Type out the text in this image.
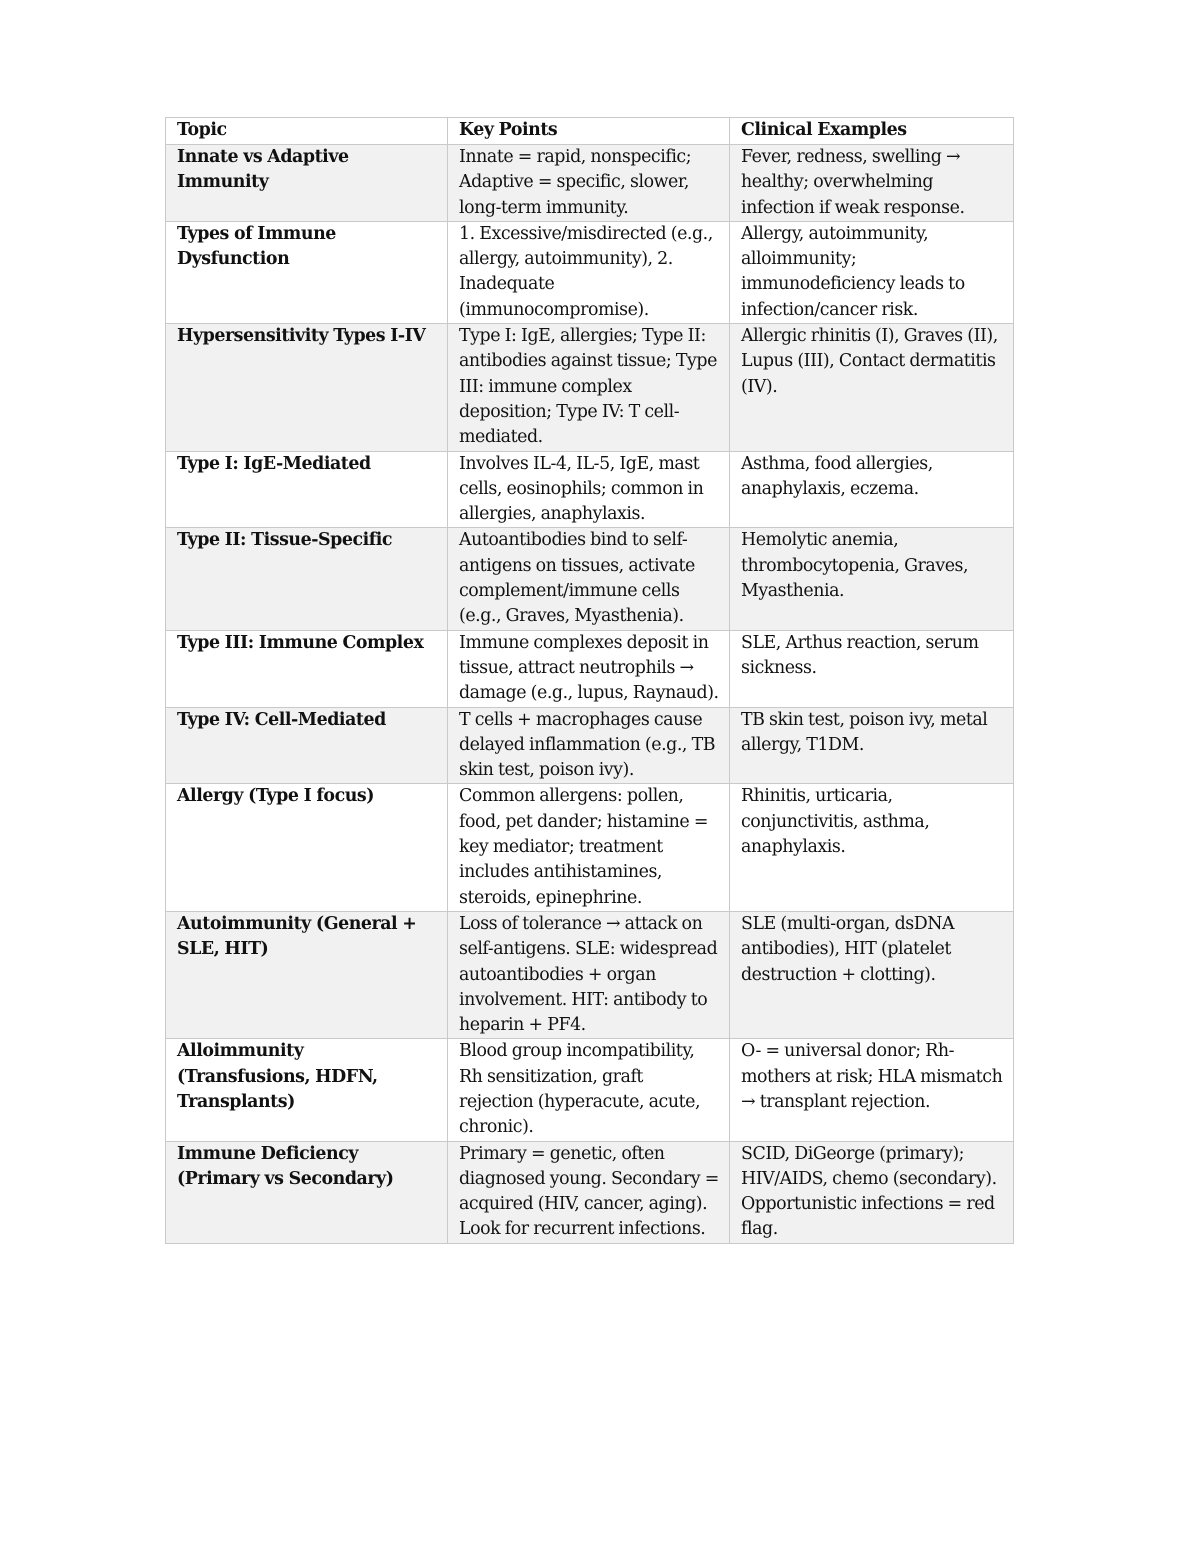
Topic	Key Points	Clinical Examples
Innate vs Adaptive Immunity	Innate = rapid, nonspecific; Adaptive = specific, slower, long-term immunity.	Fever, redness, swelling → healthy; overwhelming infection if weak response.
Types of Immune Dysfunction	1. Excessive/misdirected (e.g., allergy, autoimmunity), 2. Inadequate (immunocompromise).	Allergy, autoimmunity, alloimmunity; immunodeficiency leads to infection/cancer risk.
Hypersensitivity Types I-IV	Type I: IgE, allergies; Type II: antibodies against tissue; Type III: immune complex deposition; Type IV: T cell-mediated.	Allergic rhinitis (I), Graves (II), Lupus (III), Contact dermatitis (IV).
Type I: IgE-Mediated	Involves IL-4, IL-5, IgE, mast cells, eosinophils; common in allergies, anaphylaxis.	Asthma, food allergies, anaphylaxis, eczema.
Type II: Tissue-Specific	Autoantibodies bind to self-antigens on tissues, activate complement/immune cells (e.g., Graves, Myasthenia).	Hemolytic anemia, thrombocytopenia, Graves, Myasthenia.
Type III: Immune Complex	Immune complexes deposit in tissue, attract neutrophils → damage (e.g., lupus, Raynaud).	SLE, Arthus reaction, serum sickness.
Type IV: Cell-Mediated	T cells + macrophages cause delayed inflammation (e.g., TB skin test, poison ivy).	TB skin test, poison ivy, metal allergy, T1DM.
Allergy (Type I focus)	Common allergens: pollen, food, pet dander; histamine = key mediator; treatment includes antihistamines, steroids, epinephrine.	Rhinitis, urticaria, conjunctivitis, asthma, anaphylaxis.
Autoimmunity (General + SLE, HIT)	Loss of tolerance → attack on self-antigens. SLE: widespread autoantibodies + organ involvement. HIT: antibody to heparin + PF4.	SLE (multi-organ, dsDNA antibodies), HIT (platelet destruction + clotting).
Alloimmunity (Transfusions, HDFN, Transplants)	Blood group incompatibility, Rh sensitization, graft rejection (hyperacute, acute, chronic).	O- = universal donor; Rh-mothers at risk; HLA mismatch → transplant rejection.
Immune Deficiency (Primary vs Secondary)	Primary = genetic, often diagnosed young. Secondary = acquired (HIV, cancer, aging). Look for recurrent infections.	SCID, DiGeorge (primary); HIV/AIDS, chemo (secondary). Opportunistic infections = red flag.
